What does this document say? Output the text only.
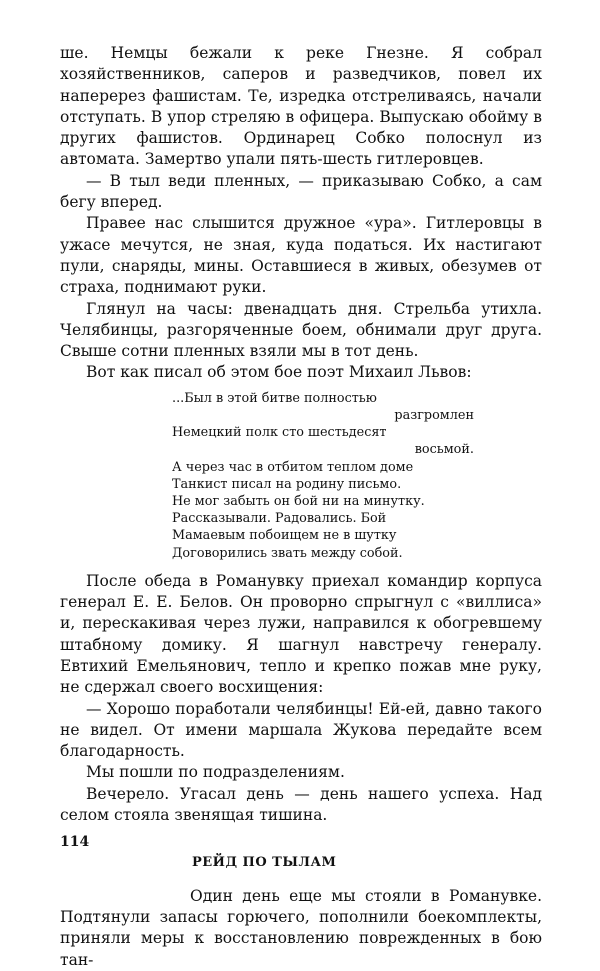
ше. Немцы бежали к реке Гнезне. Я собрал хозяйственников, саперов и разведчиков, повел их наперерез фашистам. Те, изредка отстреливаясь, начали отступать. В упор стреляю в офицера. Выпускаю обойму в других фашистов. Ординарец Собко полоснул из автомата. Замертво упали пять-шесть гитлеровцев.

— В тыл веди пленных, — приказываю Собко, а сам бегу вперед.

Правее нас слышится дружное «ура». Гитлеровцы в ужасе мечутся, не зная, куда податься. Их настигают пули, снаряды, мины. Оставшиеся в живых, обезумев от страха, поднимают руки.

Глянул на часы: двенадцать дня. Стрельба утихла. Челябинцы, разгоряченные боем, обнимали друг друга. Свыше сотни пленных взяли мы в тот день.

Вот как писал об этом бое поэт Михаил Львов:

...Был в этой битве полностью
разгромлен
Немецкий полк сто шестьдесят
восьмой.
А через час в отбитом теплом доме
Танкист писал на родину письмо.
Не мог забыть он бой ни на минутку.
Рассказывали. Радовались. Бой
Мамаевым побоищем не в шутку
Договорились звать между собой.

После обеда в Романувку приехал командир корпуса генерал Е. Е. Белов. Он проворно спрыгнул с «виллиса» и, перескакивая через лужи, направился к обогревшему штабному домику. Я шагнул навстречу генералу. Евтихий Емельянович, тепло и крепко пожав мне руку, не сдержал своего восхищения:

— Хорошо поработали челябинцы! Ей-ей, давно такого не видел. От имени маршала Жукова передайте всем благодарность.

Мы пошли по подразделениям.

Вечерело. Угасал день — день нашего успеха. Над селом стояла звенящая тишина.

РЕЙД ПО ТЫЛАМ

Один день еще мы стояли в Романувке. Подтянули запасы горючего, пополнили боекомплекты, приняли меры к восстановлению поврежденных в бою тан-

114
